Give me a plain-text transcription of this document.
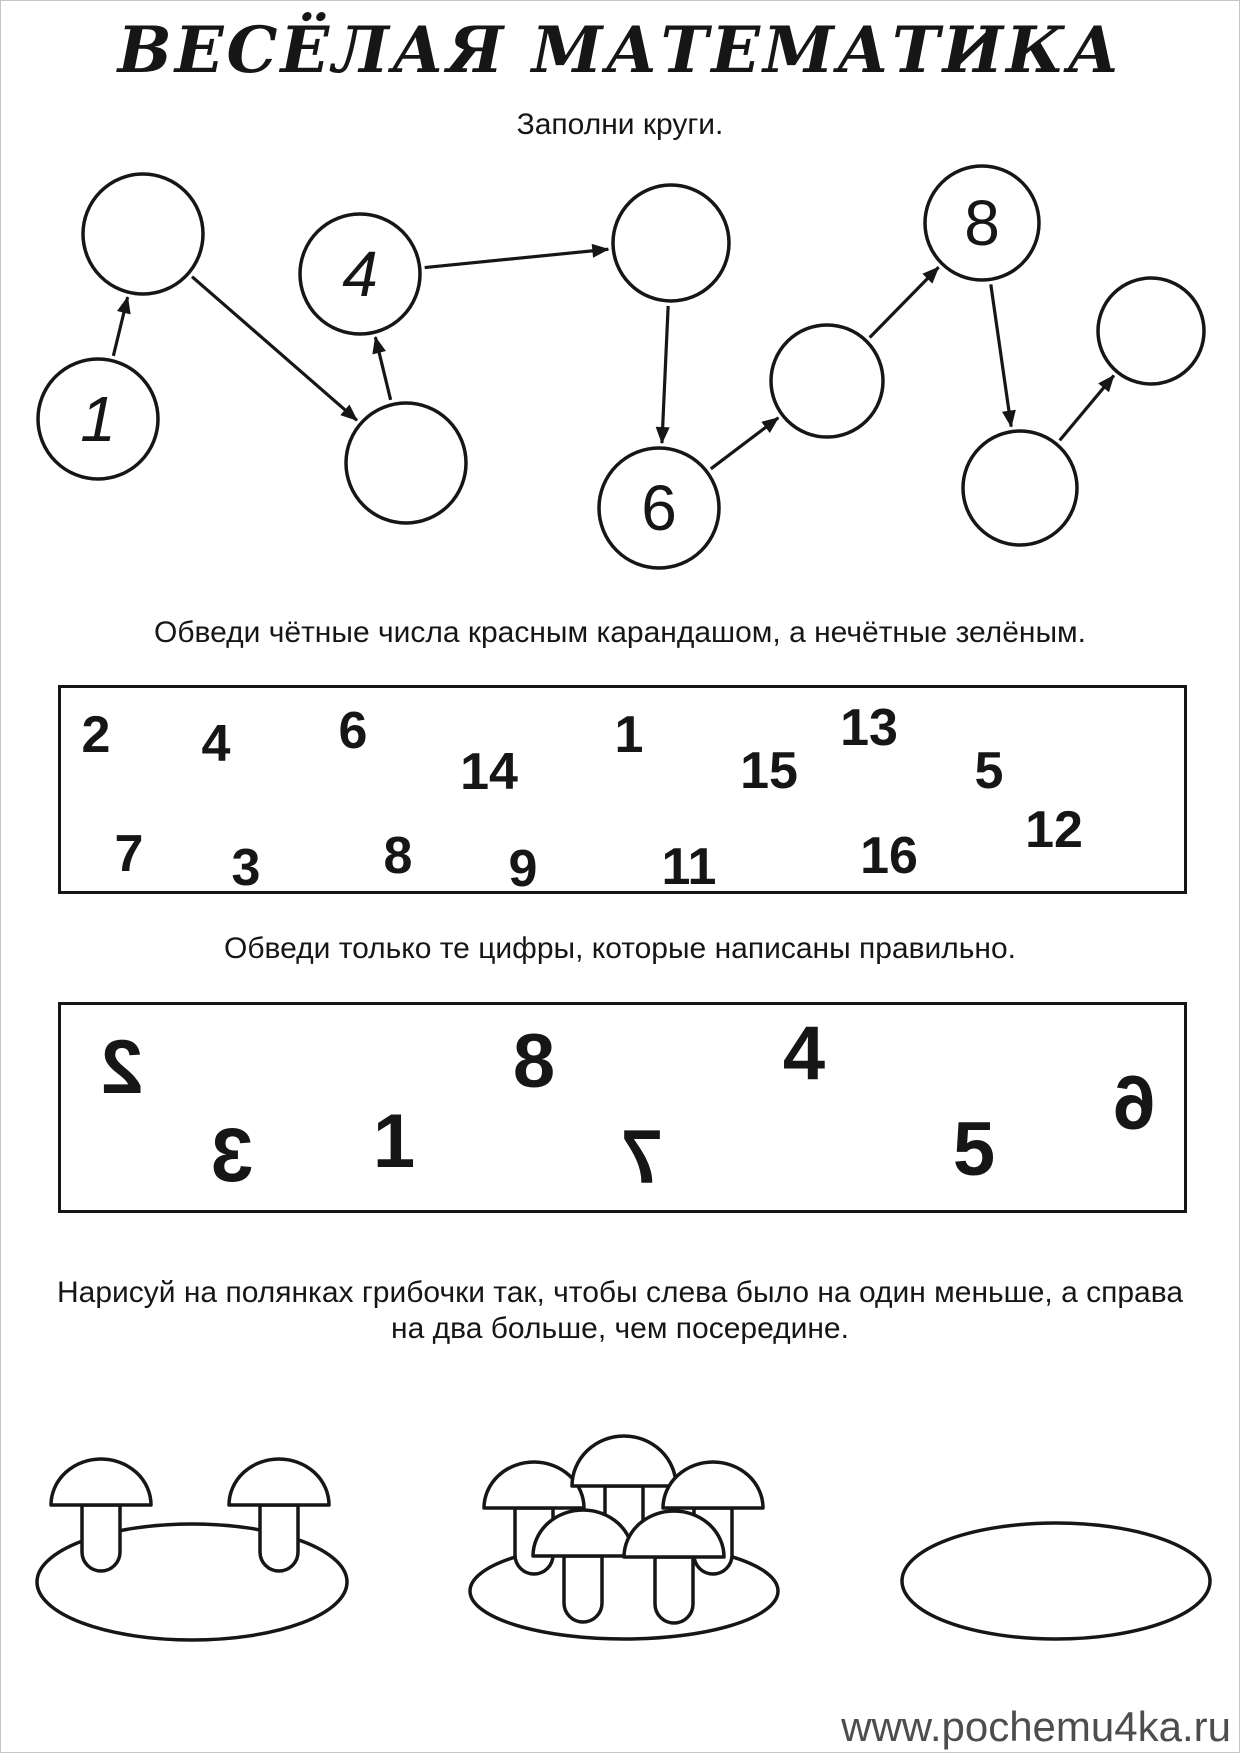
ВЕСЁЛАЯ МАТЕМАТИКА
Заполни круги.
1
4
6
8
Обведи чётные числа красным карандашом, а нечётные зелёным.
2 4 6
14
1
15
13
5
7 3 8 9 11	16 12
Обведи только те цифры, которые написаны правильно.
2
3 1
8
7
4
5
6
Нарисуй на полянках грибочки так, чтобы слева было на один меньше, а справа
на два больше, чем посередине.
www.pochemu4ka.ru
